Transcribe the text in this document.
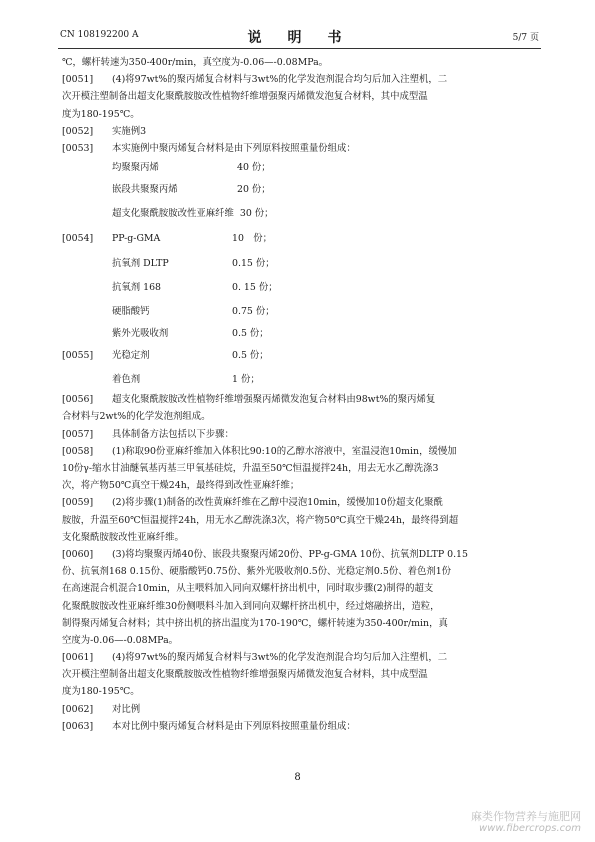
CN 108192200 A	说　明　书	5/7 页
℃，螺杆转速为350-400r/min，真空度为-0.06—-0.08MPa。
[0051]	(4)将97wt%的聚丙烯复合材料与3wt%的化学发泡剂混合均匀后加入注塑机，二
次开模注塑制备出超支化聚酰胺胺改性植物纤维增强聚丙烯微发泡复合材料，其中成型温
度为180-195℃。
[0052]	实施例3
[0053]	本实施例中聚丙烯复合材料是由下列原料按照重量份组成：
均聚聚丙烯	40 份；
嵌段共聚聚丙烯	20 份；
超支化聚酰胺胺改性亚麻纤维 30 份；
[0054]	PP-g-GMA	10　份；
抗氧剂 DLTP	0.15 份；
抗氧剂 168	0. 15 份；
硬脂酸钙	0.75 份；
紫外光吸收剂	0.5 份；
[0055]	光稳定剂	0.5 份；
着色剂	1 份；
[0056]	超支化聚酰胺胺改性植物纤维增强聚丙烯微发泡复合材料由98wt%的聚丙烯复
合材料与2wt%的化学发泡剂组成。
[0057]	具体制备方法包括以下步骤：
[0058]	(1)称取90份亚麻纤维加入体积比90:10的乙醇水溶液中，室温浸泡10min，缓慢加
10份γ-缩水甘油醚氧基丙基三甲氧基硅烷，升温至50℃恒温搅拌24h，用去无水乙醇洗涤3
次，将产物50℃真空干燥24h，最终得到改性亚麻纤维；
[0059]	(2)将步骤(1)制备的改性黄麻纤维在乙醇中浸泡10min，缓慢加10份超支化聚酰
胺胺，升温至60℃恒温搅拌24h，用无水乙醇洗涤3次，将产物50℃真空干燥24h，最终得到超
支化聚酰胺胺改性亚麻纤维。
[0060]	(3)将均聚聚丙烯40份、嵌段共聚聚丙烯20份、PP-g-GMA 10份、抗氧剂DLTP 0.15
份、抗氧剂168 0.15份、硬脂酸钙0.75份、紫外光吸收剂0.5份、光稳定剂0.5份、着色剂1份
在高速混合机混合10min，从主喂料加入同向双螺杆挤出机中，同时取步骤(2)制得的超支
化聚酰胺胺改性亚麻纤维30份侧喂料斗加入到同向双螺杆挤出机中，经过熔融挤出，造粒，
制得聚丙烯复合材料；其中挤出机的挤出温度为170-190℃，螺杆转速为350-400r/min，真
空度为-0.06—-0.08MPa。
[0061]	(4)将97wt%的聚丙烯复合材料与3wt%的化学发泡剂混合均匀后加入注塑机，二
次开模注塑制备出超支化聚酰胺胺改性植物纤维增强聚丙烯微发泡复合材料，其中成型温
度为180-195℃。
[0062]	对比例
[0063]	本对比例中聚丙烯复合材料是由下列原料按照重量份组成：
8
麻类作物营养与施肥网
www.fibercrops.com
